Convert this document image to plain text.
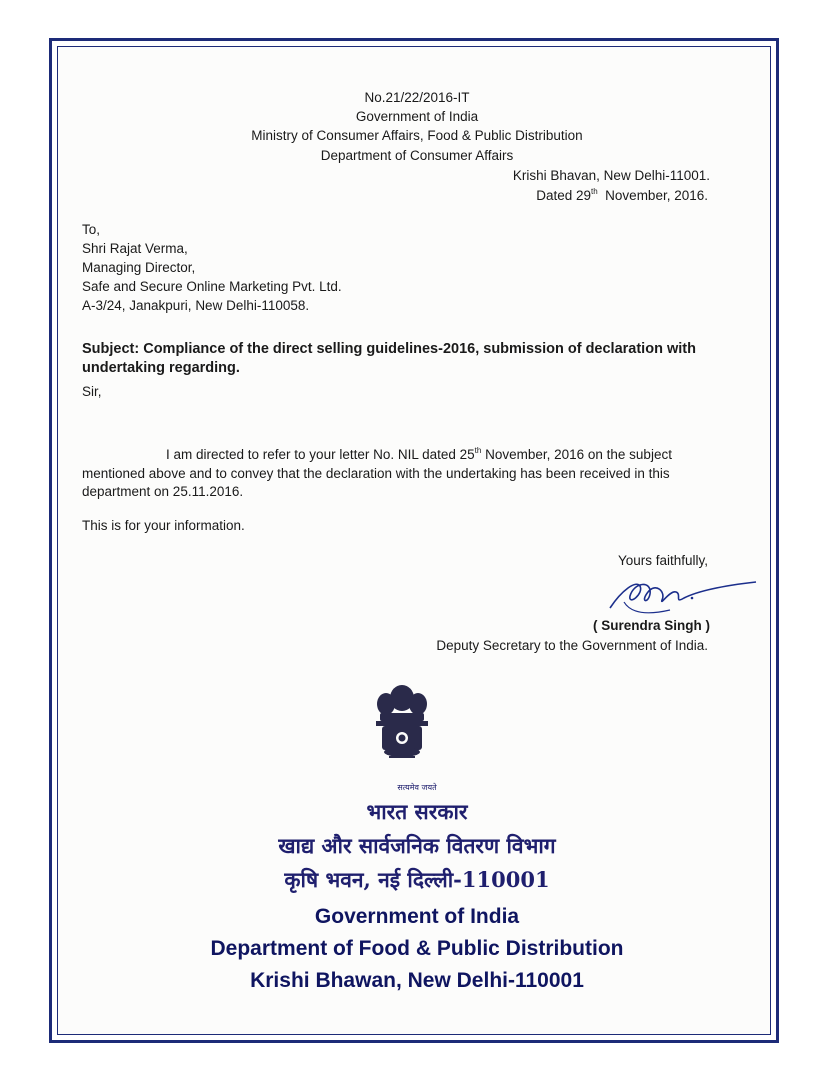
No.21/22/2016-IT
Government of India
Ministry of Consumer Affairs, Food & Public Distribution
Department of Consumer Affairs
Krishi Bhavan, New Delhi-11001.
Dated 29th  November, 2016.
To,
Shri Rajat Verma,
Managing Director,
Safe and Secure Online Marketing Pvt. Ltd.
A-3/24, Janakpuri, New Delhi-110058.
Subject: Compliance of the direct selling guidelines-2016, submission of declaration with undertaking regarding.
Sir,
I am directed to refer to your letter No. NIL dated 25th November, 2016 on the subject mentioned above and to convey that the declaration with the undertaking has been received in this department on 25.11.2016.
This is for your information.
Yours faithfully,
( Surendra Singh )
Deputy Secretary to the Government of India.
सत्यमेव जयते
भारत सरकार
खाद्य और सार्वजनिक वितरण विभाग
कृषि भवन, नई दिल्ली-110001
Government of India
Department of Food & Public Distribution
Krishi Bhawan, New Delhi-110001
